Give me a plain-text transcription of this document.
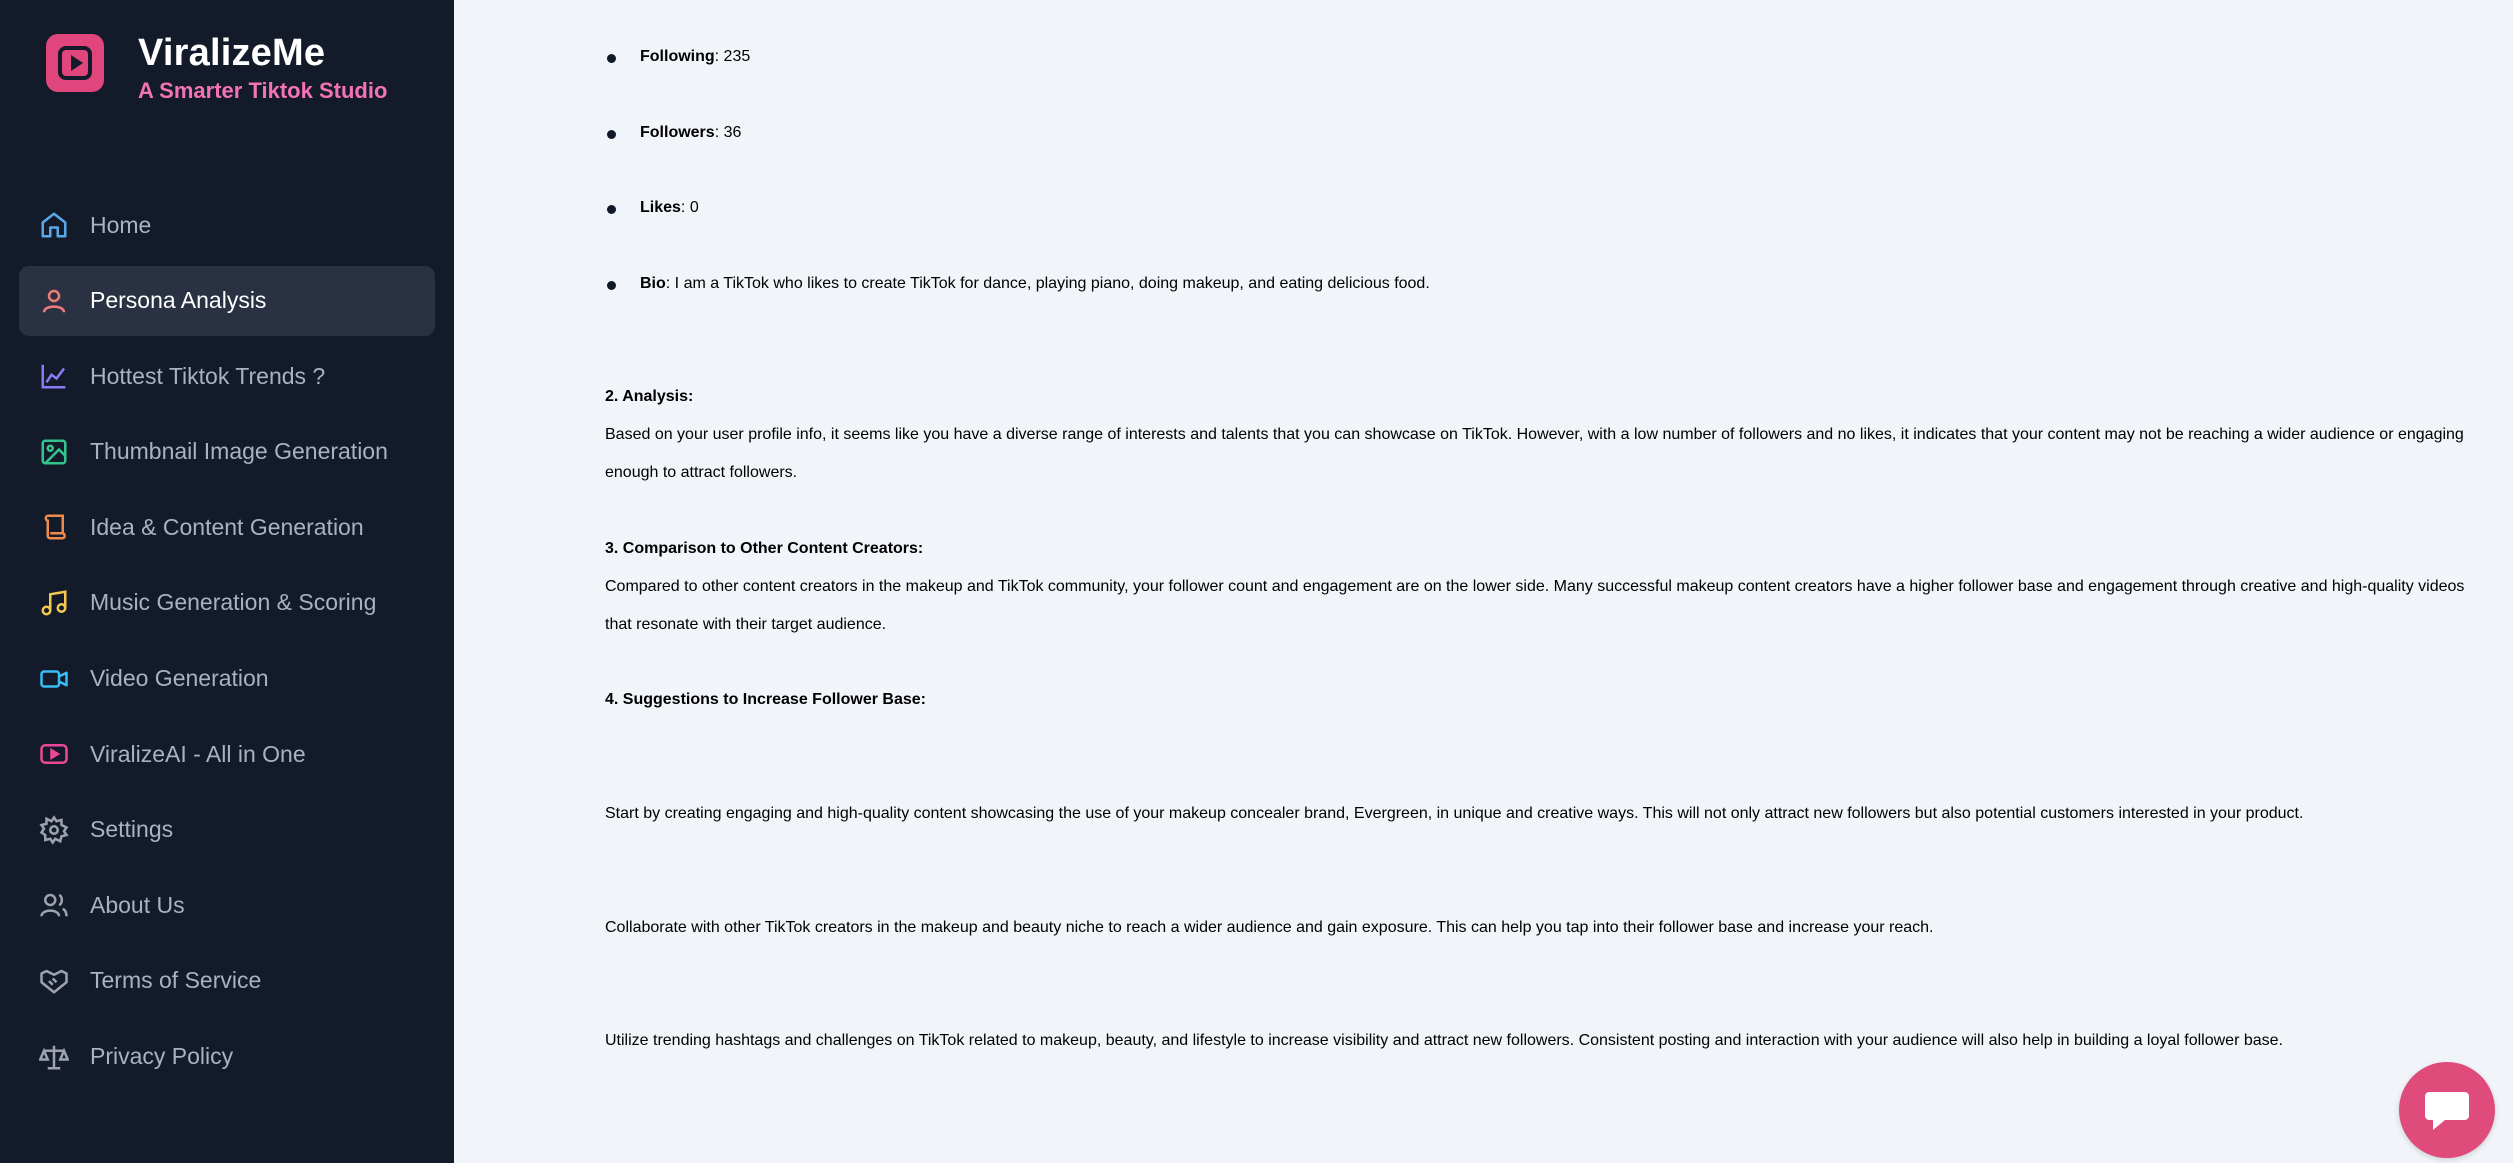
ViralizeMe
A Smarter Tiktok Studio
Home
Persona Analysis
Hottest Tiktok Trends ?
Thumbnail Image Generation
Idea & Content Generation
Music Generation & Scoring
Video Generation
ViralizeAI - All in One
Settings
About Us
Terms of Service
Privacy Policy
Following: 235
Followers: 36
Likes: 0
Bio: I am a TikTok who likes to create TikTok for dance, playing piano, doing makeup, and eating delicious food.
2. Analysis:
Based on your user profile info, it seems like you have a diverse range of interests and talents that you can showcase on TikTok. However, with a low number of followers and no likes, it indicates that your content may not be reaching a wider audience or engaging enough to attract followers.
3. Comparison to Other Content Creators:
Compared to other content creators in the makeup and TikTok community, your follower count and engagement are on the lower side. Many successful makeup content creators have a higher follower base and engagement through creative and high-quality videos that resonate with their target audience.
4. Suggestions to Increase Follower Base:
Start by creating engaging and high-quality content showcasing the use of your makeup concealer brand, Evergreen, in unique and creative ways. This will not only attract new followers but also potential customers interested in your product.
Collaborate with other TikTok creators in the makeup and beauty niche to reach a wider audience and gain exposure. This can help you tap into their follower base and increase your reach.
Utilize trending hashtags and challenges on TikTok related to makeup, beauty, and lifestyle to increase visibility and attract new followers. Consistent posting and interaction with your audience will also help in building a loyal follower base.
